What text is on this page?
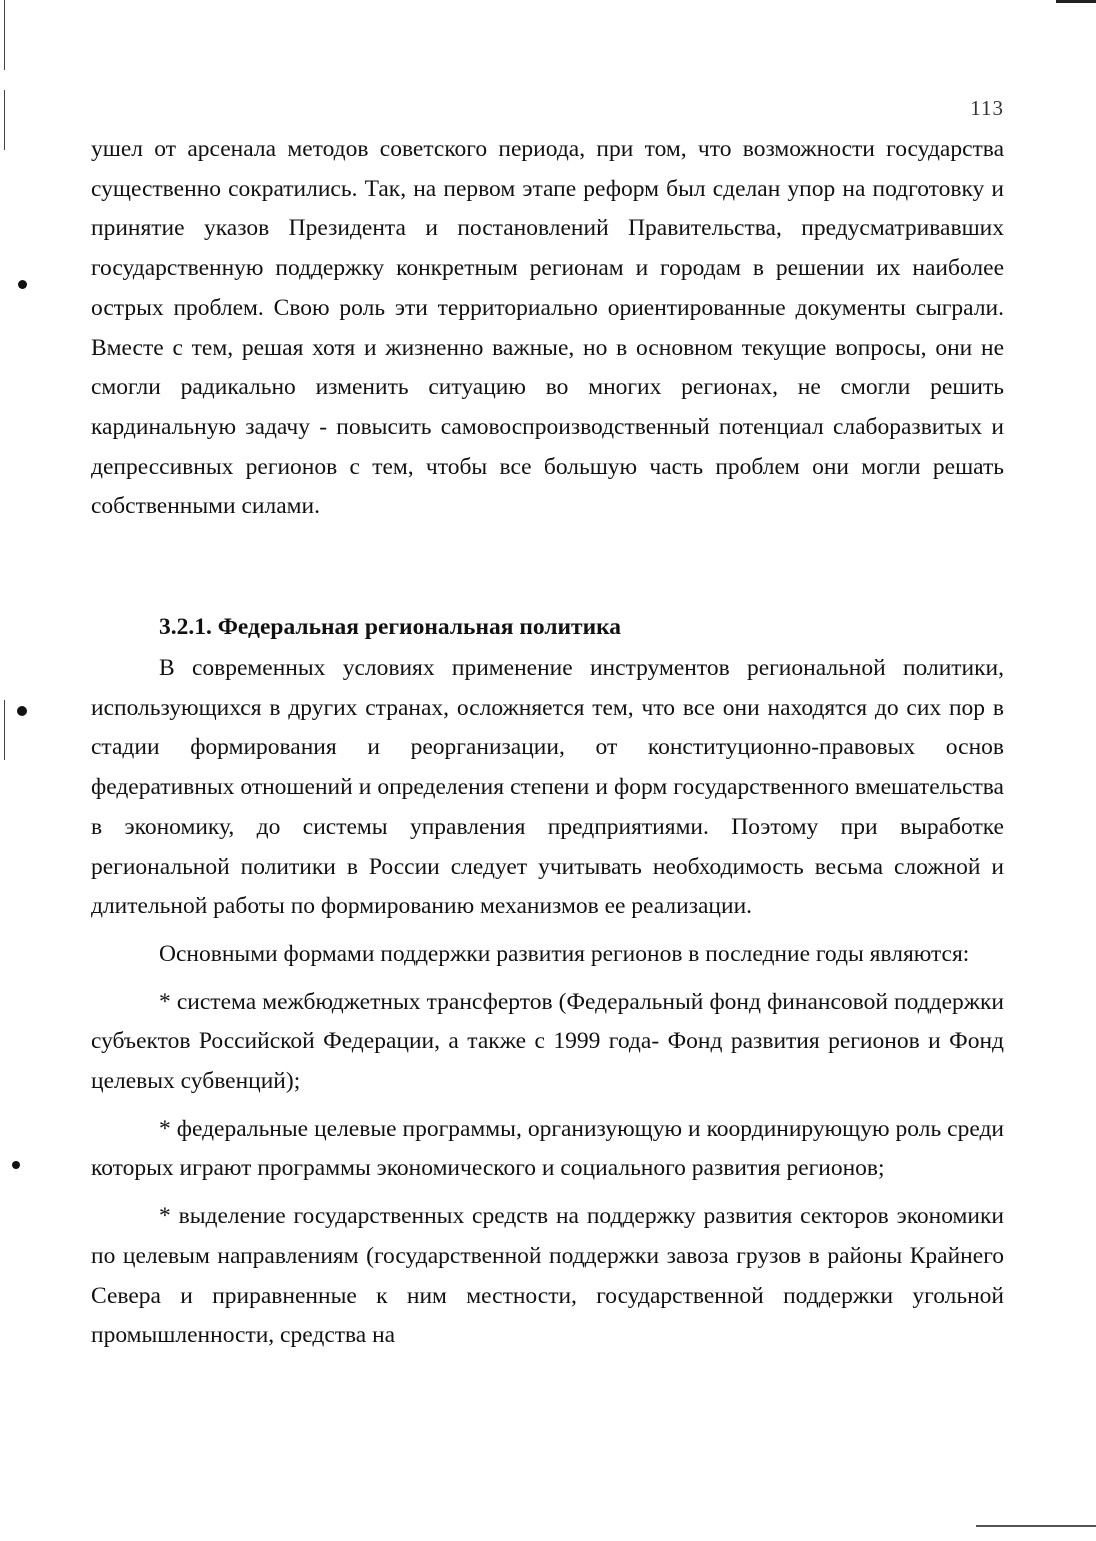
113
ушел от арсенала методов советского периода, при том, что возможности государства существенно сократились. Так, на первом этапе реформ был сделан упор на подготовку и принятие указов Президента и постановлений Правительства, предусматривавших государственную поддержку конкретным регионам и городам в решении их наиболее острых проблем. Свою роль эти территориально ориентированные документы сыграли. Вместе с тем, решая хотя и жизненно важные, но в основном текущие вопросы, они не смогли радикально изменить ситуацию во многих регионах, не смогли решить кардинальную задачу - повысить самовоспроизводственный потенциал слаборазвитых и депрессивных регионов с тем, чтобы все большую часть проблем они могли решать собственными силами.
3.2.1. Федеральная региональная политика

В современных условиях применение инструментов региональной политики, использующихся в других странах, осложняется тем, что все они находятся до сих пор в стадии формирования и реорганизации, от конституционно-правовых основ федеративных отношений и определения степени и форм государственного вмешательства в экономику, до системы управления предприятиями. Поэтому при выработке региональной политики в России следует учитывать необходимость весьма сложной и длительной работы по формированию механизмов ее реализации.

Основными формами поддержки развития регионов в последние годы являются:

* система межбюджетных трансфертов (Федеральный фонд финансовой поддержки субъектов Российской Федерации, а также с 1999 года- Фонд развития регионов и Фонд целевых субвенций);

* федеральные целевые программы, организующую и координирующую роль среди которых играют программы экономического и социального развития регионов;

* выделение государственных средств на поддержку развития секторов экономики по целевым направлениям (государственной поддержки завоза грузов в районы Крайнего Севера и приравненные к ним местности, государственной поддержки угольной промышленности, средства на
